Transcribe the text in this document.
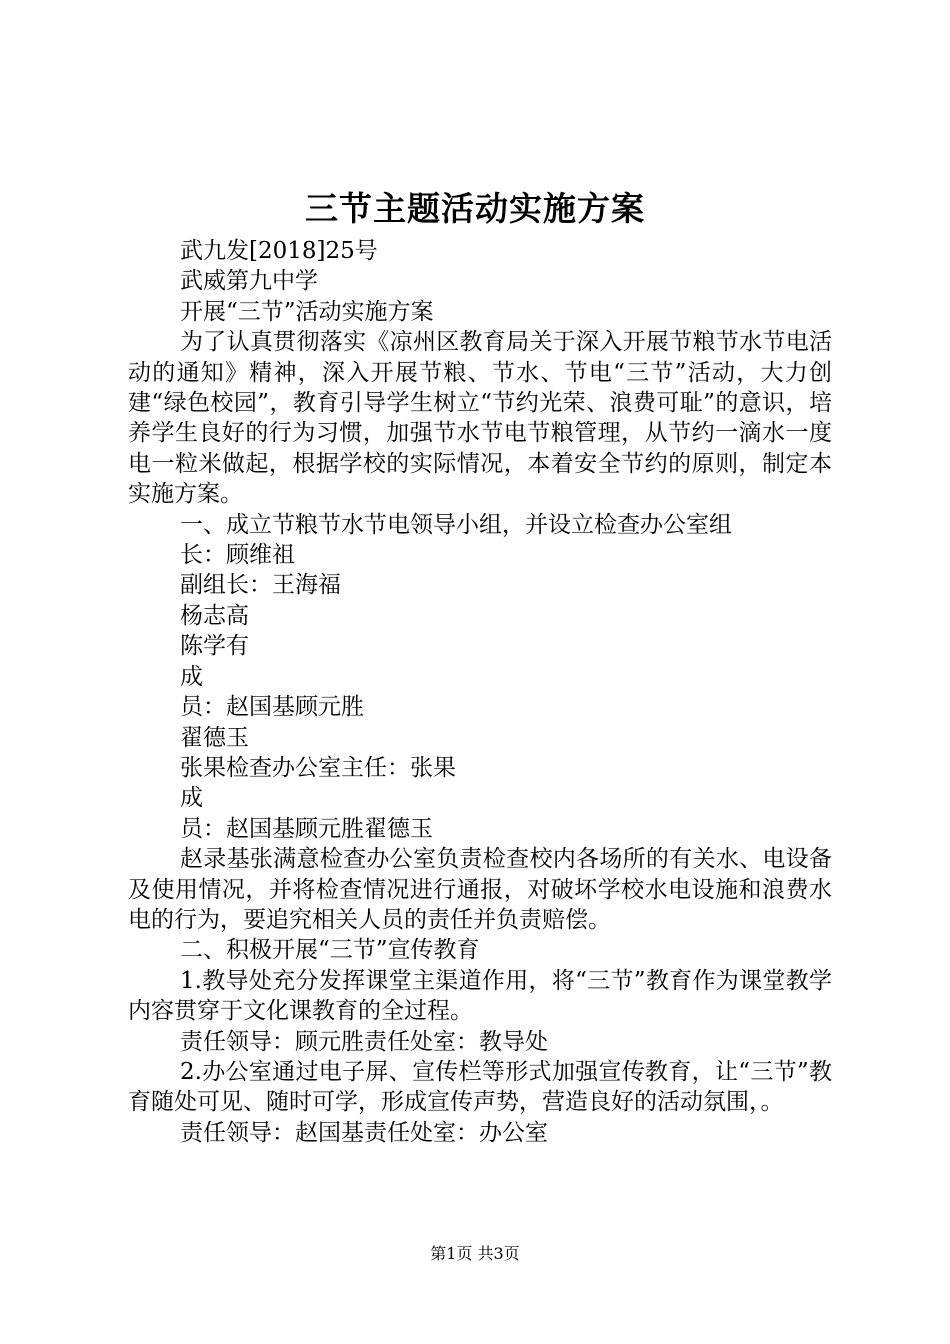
三节主题活动实施方案

武九发[2018]25号

武威第九中学

开展“三节”活动实施方案

为了认真贯彻落实《凉州区教育局关于深入开展节粮节水节电活动的通知》精神，深入开展节粮、节水、节电“三节”活动，大力创建“绿色校园”，教育引导学生树立“节约光荣、浪费可耻”的意识，培养学生良好的行为习惯，加强节水节电节粮管理，从节约一滴水一度电一粒米做起，根据学校的实际情况，本着安全节约的原则，制定本实施方案。

一、成立节粮节水节电领导小组，并设立检查办公室组

长：顾维祖

副组长：王海福

杨志高

陈学有

成

员：赵国基顾元胜

翟德玉

张果检查办公室主任：张果

成

员：赵国基顾元胜翟德玉

赵录基张满意检查办公室负责检查校内各场所的有关水、电设备及使用情况，并将检查情况进行通报，对破坏学校水电设施和浪费水电的行为，要追究相关人员的责任并负责赔偿。

二、积极开展“三节”宣传教育

1.教导处充分发挥课堂主渠道作用，将“三节”教育作为课堂教学内容贯穿于文化课教育的全过程。

责任领导：顾元胜责任处室：教导处

2.办公室通过电子屏、宣传栏等形式加强宣传教育，让“三节”教育随处可见、随时可学，形成宣传声势，营造良好的活动氛围，。

责任领导：赵国基责任处室：办公室

第1页 共3页
